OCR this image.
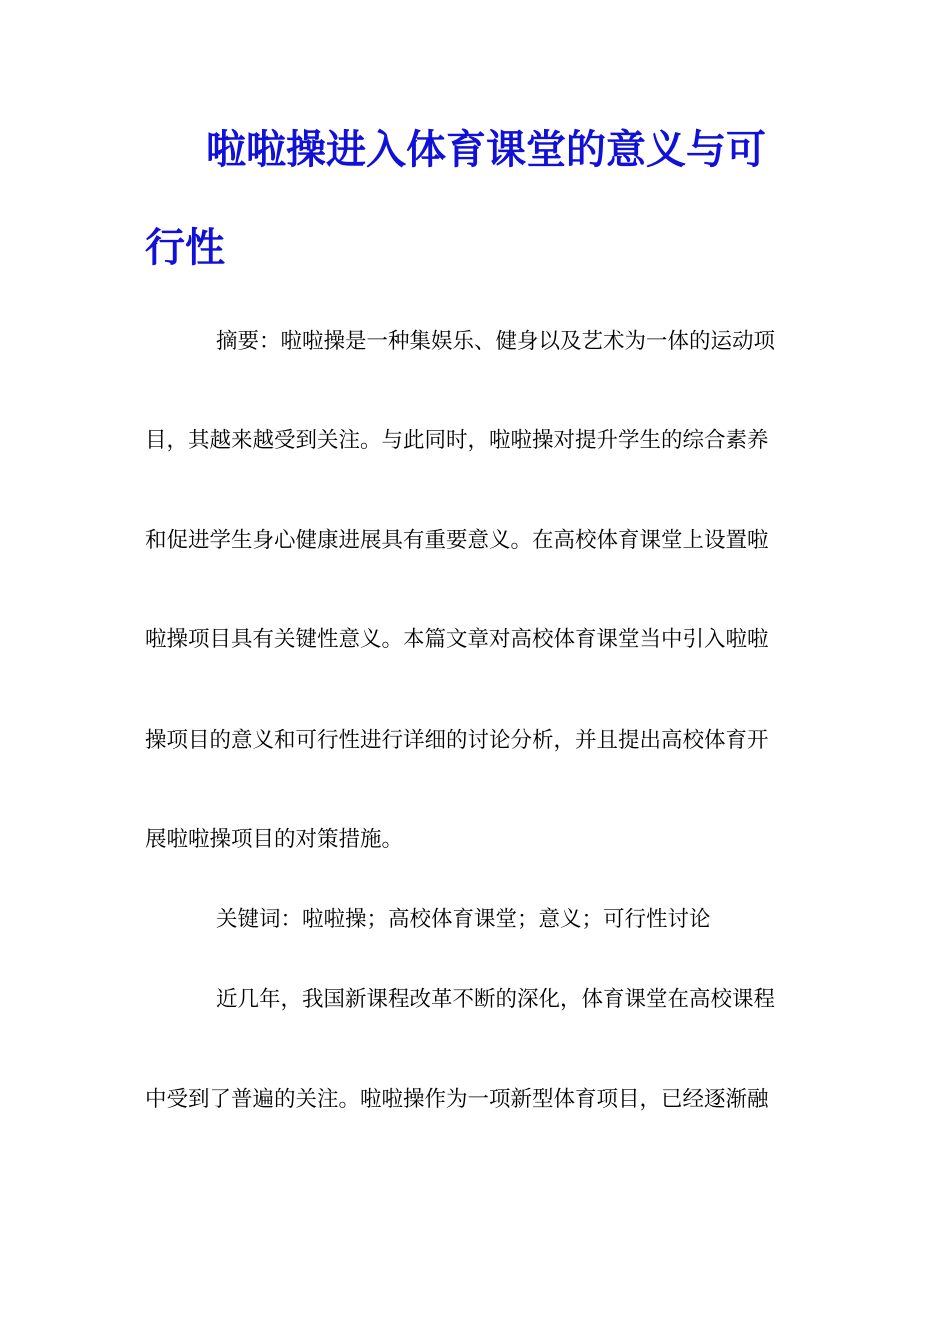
啦啦操进入体育课堂的意义与可
行性
摘要：啦啦操是一种集娱乐、健身以及艺术为一体的运动项
目，其越来越受到关注。与此同时，啦啦操对提升学生的综合素养
和促进学生身心健康进展具有重要意义。在高校体育课堂上设置啦
啦操项目具有关键性意义。本篇文章对高校体育课堂当中引入啦啦
操项目的意义和可行性进行详细的讨论分析，并且提出高校体育开
展啦啦操项目的对策措施。
关键词：啦啦操；高校体育课堂；意义；可行性讨论
近几年，我国新课程改革不断的深化，体育课堂在高校课程
中受到了普遍的关注。啦啦操作为一项新型体育项目，已经逐渐融
